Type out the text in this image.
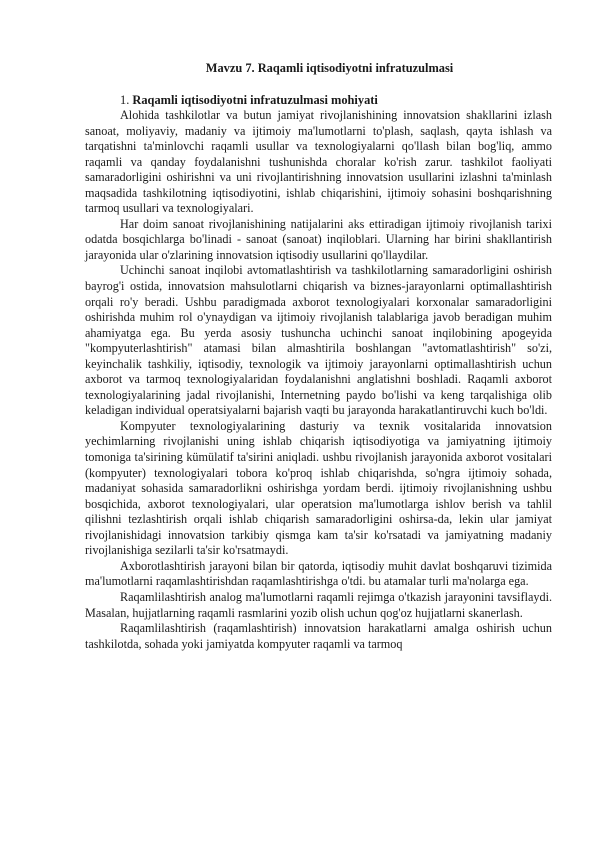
Mavzu 7. Raqamli iqtisodiyotni infratuzulmasi
1. Raqamli iqtisodiyotni infratuzulmasi mohiyati

Alohida tashkilotlar va butun jamiyat rivojlanishining innovatsion shakllarini izlash sanoat, moliyaviy, madaniy va ijtimoiy ma'lumotlarni to'plash, saqlash, qayta ishlash va tarqatishni ta'minlovchi raqamli usullar va texnologiyalarni qo'llash bilan bog'liq, ammo raqamli va qanday foydalanishni tushunishda choralar ko'rish zarur. tashkilot faoliyati samaradorligini oshirishni va uni rivojlantirishning innovatsion usullarini izlashni ta'minlash maqsadida tashkilotning iqtisodiyotini, ishlab chiqarishini, ijtimoiy sohasini boshqarishning tarmoq usullari va texnologiyalari.

Har doim sanoat rivojlanishining natijalarini aks ettiradigan ijtimoiy rivojlanish tarixi odatda bosqichlarga bo'linadi - sanoat (sanoat) inqiloblari. Ularning har birini shakllantirish jarayonida ular o'zlarining innovatsion iqtisodiy usullarini qo'llaydilar.

Uchinchi sanoat inqilobi avtomatlashtirish va tashkilotlarning samaradorligini oshirish bayrog'i ostida, innovatsion mahsulotlarni chiqarish va biznes-jarayonlarni optimallashtirish orqali ro'y beradi. Ushbu paradigmada axborot texnologiyalari korxonalar samaradorligini oshirishda muhim rol o'ynaydigan va ijtimoiy rivojlanish talablariga javob beradigan muhim ahamiyatga ega. Bu yerda asosiy tushuncha uchinchi sanoat inqilobining apogeyida "kompyuterlashtirish" atamasi bilan almashtirila boshlangan "avtomatlashtirish" so'zi, keyinchalik tashkiliy, iqtisodiy, texnologik va ijtimoiy jarayonlarni optimallashtirish uchun axborot va tarmoq texnologiyalaridan foydalanishni anglatishni boshladi. Raqamli axborot texnologiyalarining jadal rivojlanishi, Internetning paydo bo'lishi va keng tarqalishiga olib keladigan individual operatsiyalarni bajarish vaqti bu jarayonda harakatlantiruvchi kuch bo'ldi.

Kompyuter texnologiyalarining dasturiy va texnik vositalarida innovatsion yechimlarning rivojlanishi uning ishlab chiqarish iqtisodiyotiga va jamiyatning ijtimoiy tomoniga ta'sirining kümülatif ta'sirini aniqladi. ushbu rivojlanish jarayonida axborot vositalari (kompyuter) texnologiyalari tobora ko'proq ishlab chiqarishda, so'ngra ijtimoiy sohada, madaniyat sohasida samaradorlikni oshirishga yordam berdi. ijtimoiy rivojlanishning ushbu bosqichida, axborot texnologiyalari, ular operatsion ma'lumotlarga ishlov berish va tahlil qilishni tezlashtirish orqali ishlab chiqarish samaradorligini oshirsa-da, lekin ular jamiyat rivojlanishidagi innovatsion tarkibiy qismga kam ta'sir ko'rsatadi va jamiyatning madaniy rivojlanishiga sezilarli ta'sir ko'rsatmaydi.

Axborotlashtirish jarayoni bilan bir qatorda, iqtisodiy muhit davlat boshqaruvi tizimida ma'lumotlarni raqamlashtirishdan raqamlashtirishga o'tdi. bu atamalar turli ma'nolarga ega.

Raqamlilashtirish analog ma'lumotlarni raqamli rejimga o'tkazish jarayonini tavsiflaydi. Masalan, hujjatlarning raqamli rasmlarini yozib olish uchun qog'oz hujjatlarni skanerlash.

Raqamlilashtirish (raqamlashtirish) innovatsion harakatlarni amalga oshirish uchun tashkilotda, sohada yoki jamiyatda kompyuter raqamli va tarmoq
